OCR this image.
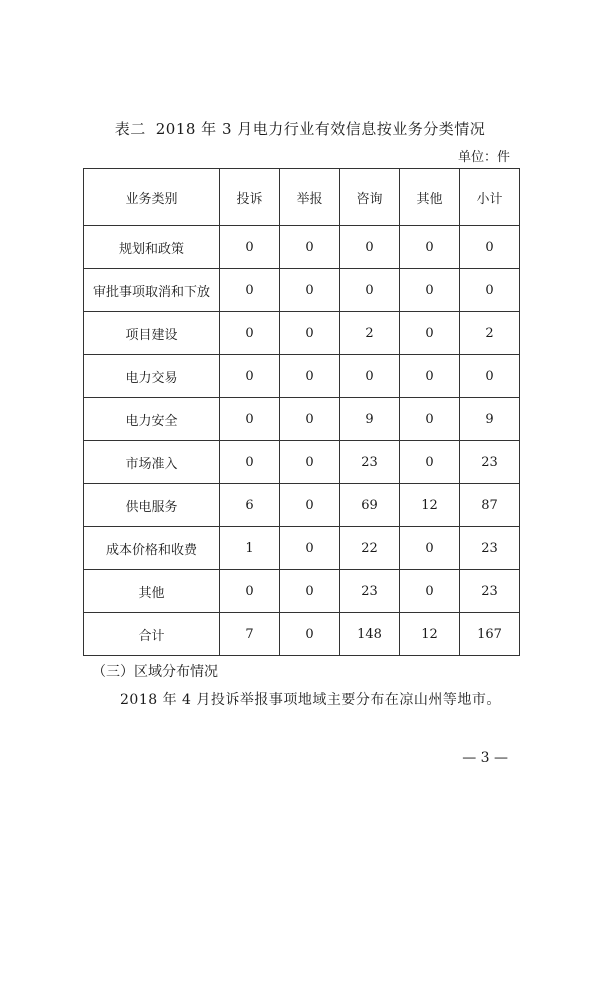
表二 2018 年 3 月电力行业有效信息按业务分类情况
单位：件
业务类别	投诉	举报	咨询	其他	小计
规划和政策	0	0	0	0	0
审批事项取消和下放	0	0	0	0	0
项目建设	0	0	2	0	2
电力交易	0	0	0	0	0
电力安全	0	0	9	0	9
市场准入	0	0	23	0	23
供电服务	6	0	69	12	87
成本价格和收费	1	0	22	0	23
其他	0	0	23	0	23
合计	7	0	148	12	167
（三）区域分布情况
2018 年 4 月投诉举报事项地域主要分布在凉山州等地市。
— 3 —
